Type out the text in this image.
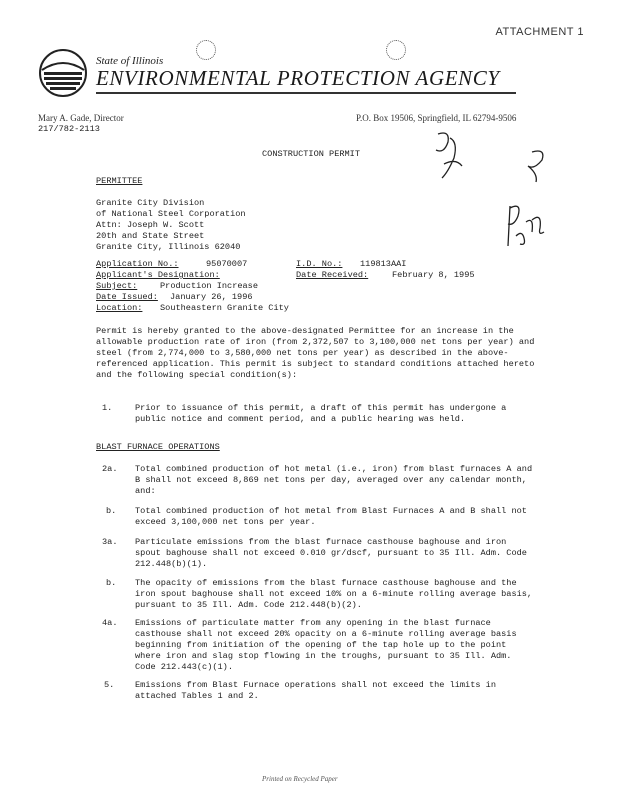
ATTACHMENT 1
State of Illinois
ENVIRONMENTAL PROTECTION AGENCY
Mary A. Gade, Director	P.O. Box 19506, Springfield, IL 62794-9506
217/782-2113
CONSTRUCTION PERMIT
PERMITTEE
Granite City Division
of National Steel Corporation
Attn: Joseph W. Scott
20th and State Street
Granite City, Illinois 62040
Application No.:	95070007	I.D. No.: 119813AAI
Applicant's Designation:	Date Received:	February 8, 1995
Subject:	Production Increase
Date Issued: January 26, 1996
Location: Southeastern Granite City
Permit is hereby granted to the above-designated Permittee for an increase in the allowable production rate of iron (from 2,372,507 to 3,100,000 net tons per year) and steel (from 2,774,000 to 3,580,000 net tons per year) as described in the above-referenced application. This permit is subject to standard conditions attached hereto and the following special condition(s):
1.	Prior to issuance of this permit, a draft of this permit has undergone a public notice and comment period, and a public hearing was held.
BLAST FURNACE OPERATIONS
2a. Total combined production of hot metal (i.e., iron) from blast furnaces A and B shall not exceed 8,869 net tons per day, averaged over any calendar month, and:
b. Total combined production of hot metal from Blast Furnaces A and B shall not exceed 3,100,000 net tons per year.
3a. Particulate emissions from the blast furnace casthouse baghouse and iron spout baghouse shall not exceed 0.010 gr/dscf, pursuant to 35 Ill. Adm. Code 212.448(b)(1).
b. The opacity of emissions from the blast furnace casthouse baghouse and the iron spout baghouse shall not exceed 10% on a 6-minute rolling average basis, pursuant to 35 Ill. Adm. Code 212.448(b)(2).
4a. Emissions of particulate matter from any opening in the blast furnace casthouse shall not exceed 20% opacity on a 6-minute rolling average basis beginning from initiation of the opening of the tap hole up to the point where iron and slag stop flowing in the troughs, pursuant to 35 Ill. Adm. Code 212.443(c)(1).
5. Emissions from Blast Furnace operations shall not exceed the limits in attached Tables 1 and 2.
Printed on Recycled Paper
